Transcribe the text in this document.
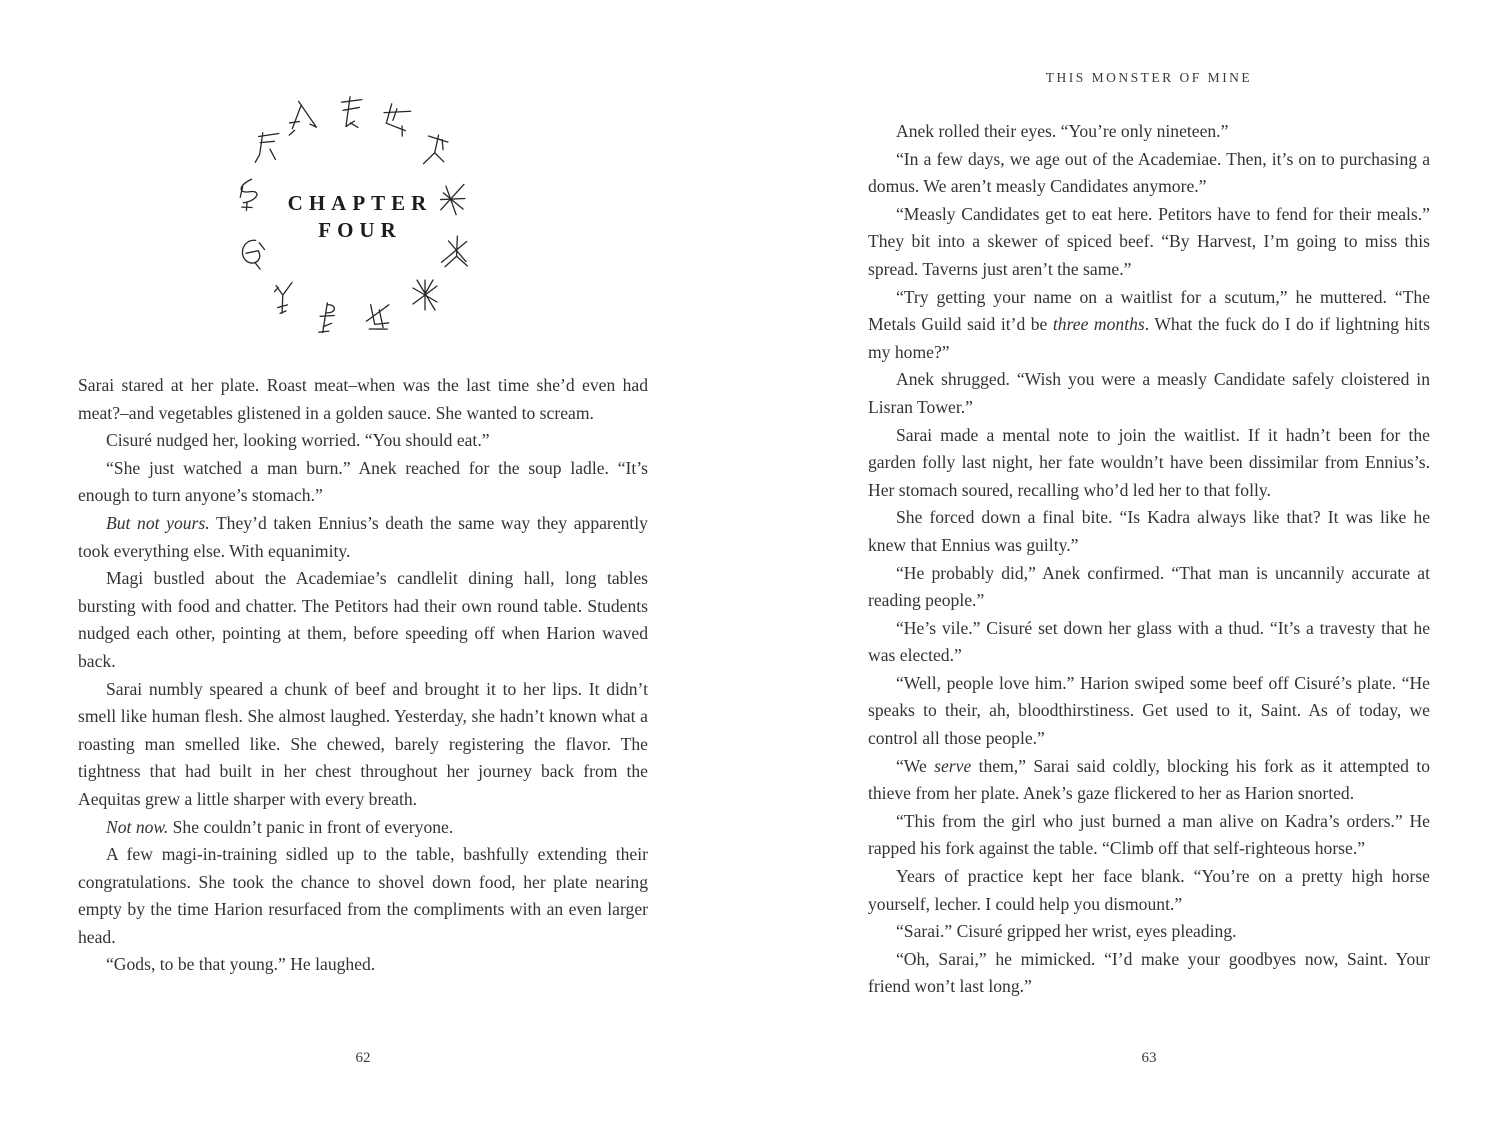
CHAPTER
FOUR

Sarai stared at her plate. Roast meat–when was the last time she’d even had meat?–and vegetables glistened in a golden sauce. She wanted to scream.

Cisuré nudged her, looking worried. “You should eat.”

“She just watched a man burn.” Anek reached for the soup ladle. “It’s enough to turn anyone’s stomach.”

But not yours. They’d taken Ennius’s death the same way they apparently took everything else. With equanimity.

Magi bustled about the Academiae’s candlelit dining hall, long tables bursting with food and chatter. The Petitors had their own round table. Students nudged each other, pointing at them, before speeding off when Harion waved back.

Sarai numbly speared a chunk of beef and brought it to her lips. It didn’t smell like human flesh. She almost laughed. Yesterday, she hadn’t known what a roasting man smelled like. She chewed, barely registering the flavor. The tightness that had built in her chest throughout her journey back from the Aequitas grew a little sharper with every breath.

Not now. She couldn’t panic in front of everyone.

A few magi-in-training sidled up to the table, bashfully extending their congratulations. She took the chance to shovel down food, her plate nearing empty by the time Harion resurfaced from the compliments with an even larger head.

“Gods, to be that young.” He laughed.

62
THIS MONSTER OF MINE

Anek rolled their eyes. “You’re only nineteen.”

“In a few days, we age out of the Academiae. Then, it’s on to purchasing a domus. We aren’t measly Candidates anymore.”

“Measly Candidates get to eat here. Petitors have to fend for their meals.” They bit into a skewer of spiced beef. “By Harvest, I’m going to miss this spread. Taverns just aren’t the same.”

“Try getting your name on a waitlist for a scutum,” he muttered. “The Metals Guild said it’d be three months. What the fuck do I do if lightning hits my home?”

Anek shrugged. “Wish you were a measly Candidate safely cloistered in Lisran Tower.”

Sarai made a mental note to join the waitlist. If it hadn’t been for the garden folly last night, her fate wouldn’t have been dissimilar from Ennius’s. Her stomach soured, recalling who’d led her to that folly.

She forced down a final bite. “Is Kadra always like that? It was like he knew that Ennius was guilty.”

“He probably did,” Anek confirmed. “That man is uncannily accurate at reading people.”

“He’s vile.” Cisuré set down her glass with a thud. “It’s a travesty that he was elected.”

“Well, people love him.” Harion swiped some beef off Cisuré’s plate. “He speaks to their, ah, bloodthirstiness. Get used to it, Saint. As of today, we control all those people.”

“We serve them,” Sarai said coldly, blocking his fork as it attempted to thieve from her plate. Anek’s gaze flickered to her as Harion snorted.

“This from the girl who just burned a man alive on Kadra’s orders.” He rapped his fork against the table. “Climb off that self-righteous horse.”

Years of practice kept her face blank. “You’re on a pretty high horse yourself, lecher. I could help you dismount.”

“Sarai.” Cisuré gripped her wrist, eyes pleading.

“Oh, Sarai,” he mimicked. “I’d make your goodbyes now, Saint. Your friend won’t last long.”

63
